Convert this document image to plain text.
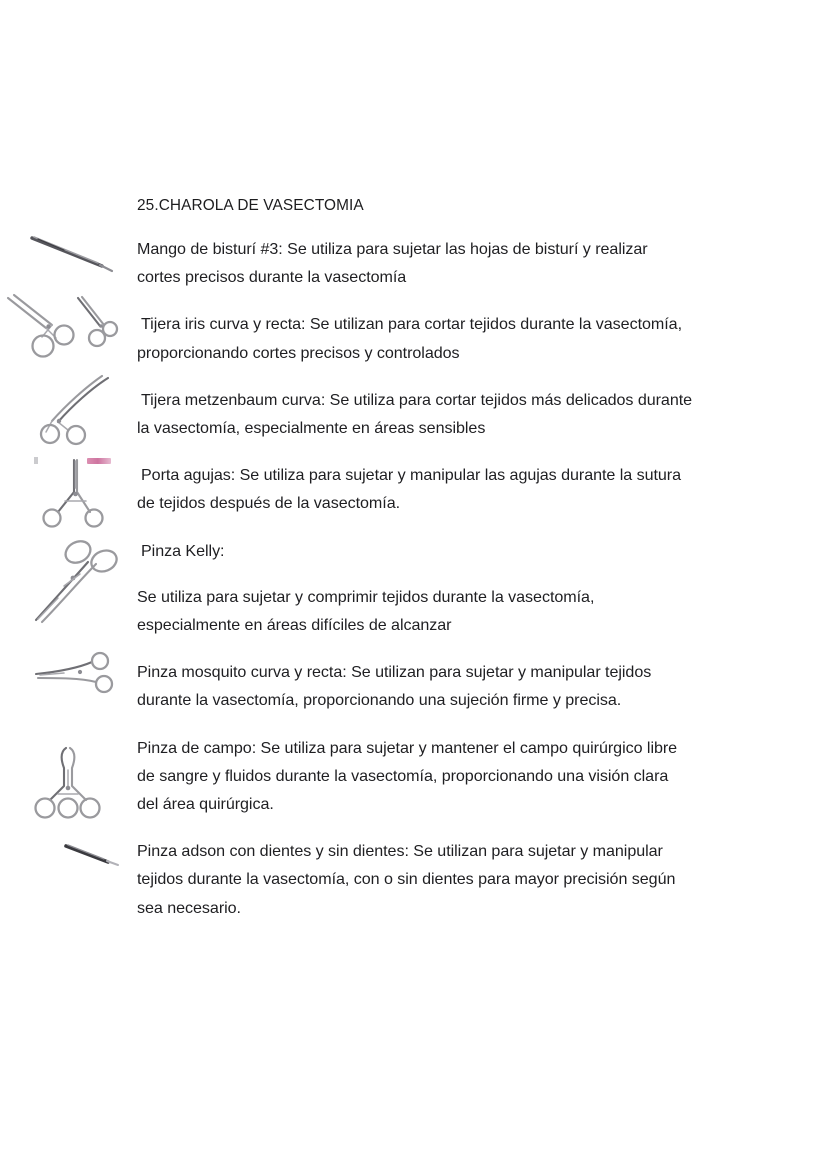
25.CHAROLA DE VASECTOMIA

Mango de bisturí #3: Se utiliza para sujetar las hojas de bisturí y realizar cortes precisos durante la vasectomía

Tijera iris curva y recta: Se utilizan para cortar tejidos durante la vasectomía, proporcionando cortes precisos y controlados

Tijera metzenbaum curva: Se utiliza para cortar tejidos más delicados durante la vasectomía, especialmente en áreas sensibles

Porta agujas: Se utiliza para sujetar y manipular las agujas durante la sutura de tejidos después de la vasectomía.

Pinza Kelly:

Se utiliza para sujetar y comprimir tejidos durante la vasectomía, especialmente en áreas difíciles de alcanzar

Pinza mosquito curva y recta: Se utilizan para sujetar y manipular tejidos durante la vasectomía, proporcionando una sujeción firme y precisa.

Pinza de campo: Se utiliza para sujetar y mantener el campo quirúrgico libre de sangre y fluidos durante la vasectomía, proporcionando una visión clara del área quirúrgica.

Pinza adson con dientes y sin dientes: Se utilizan para sujetar y manipular tejidos durante la vasectomía, con o sin dientes para mayor precisión según sea necesario.
